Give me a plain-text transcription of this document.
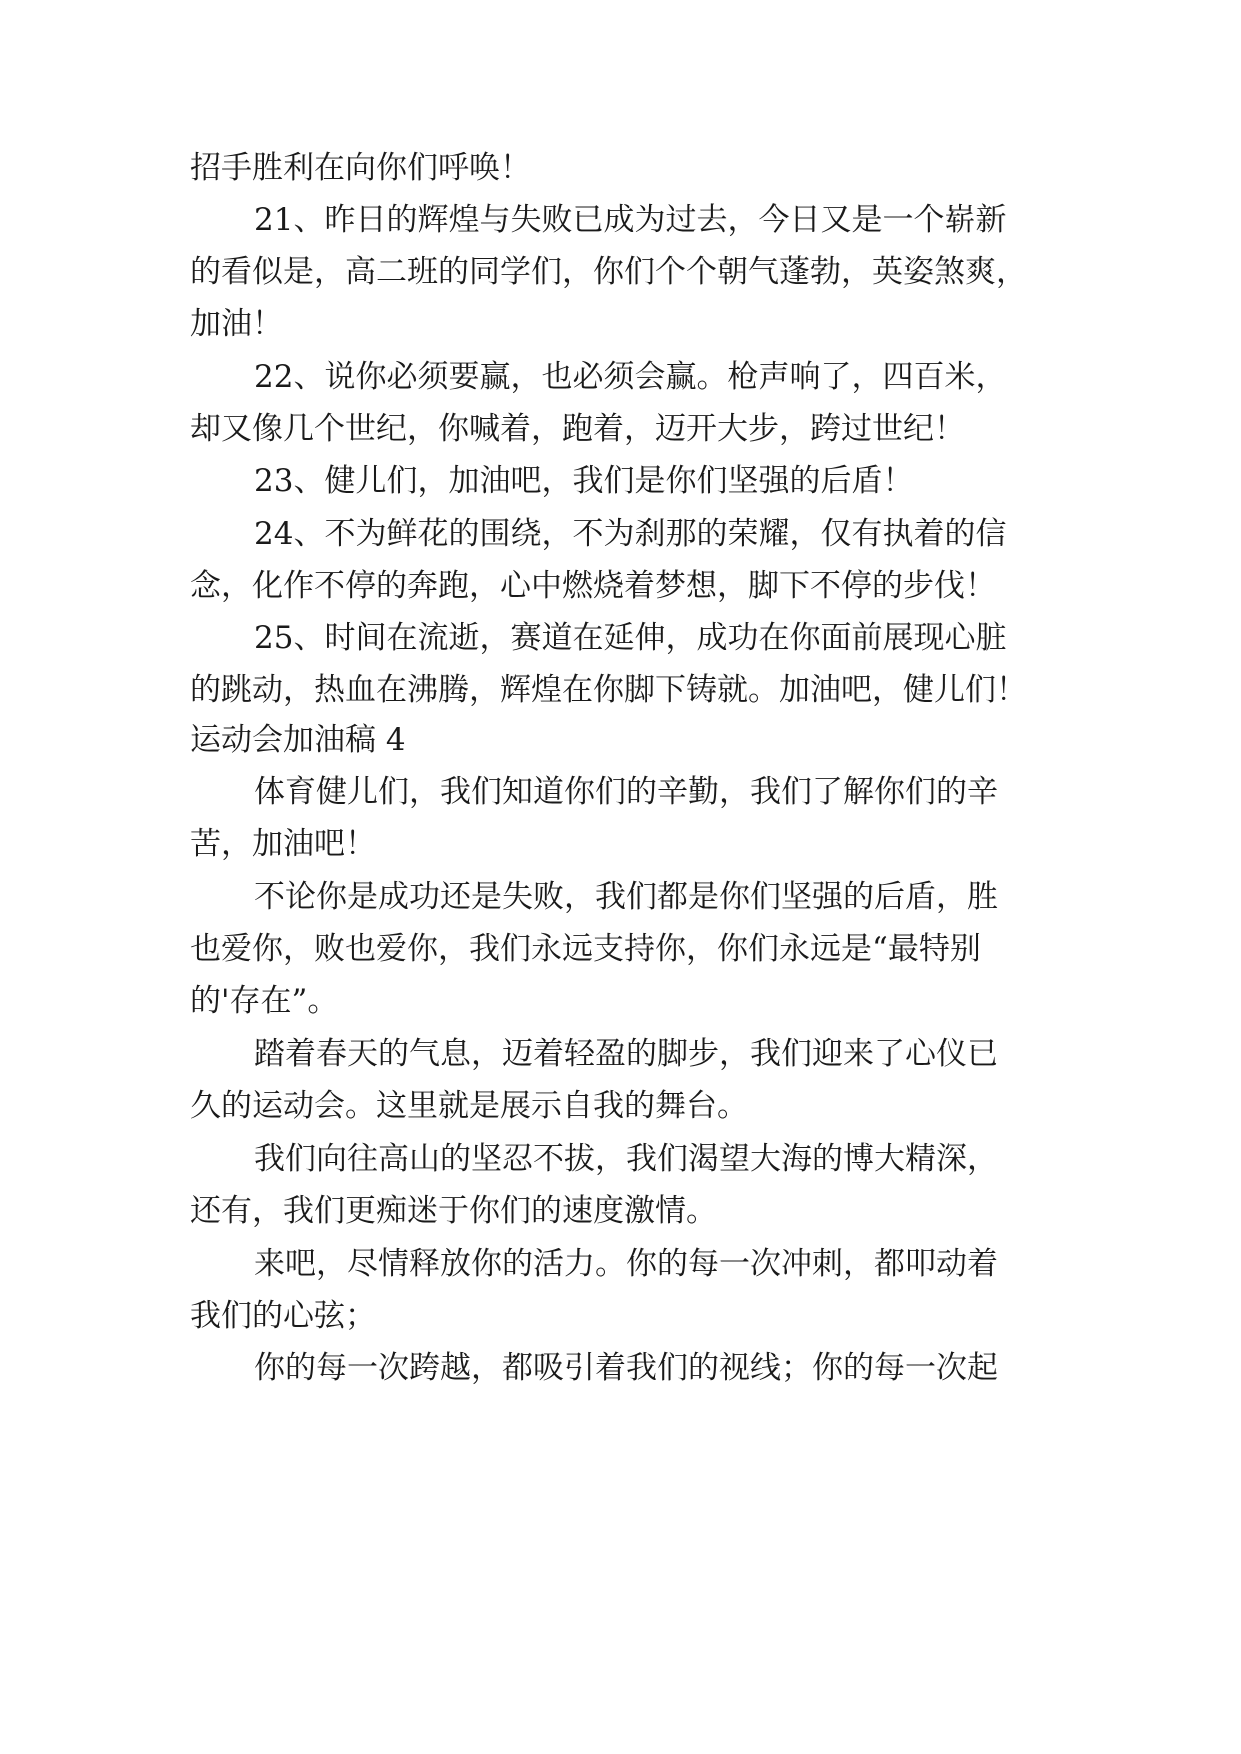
招手胜利在向你们呼唤！
21、昨日的辉煌与失败已成为过去，今日又是一个崭新
的看似是，高二班的同学们，你们个个朝气蓬勃，英姿煞爽，
加油！
22、说你必须要赢，也必须会赢。枪声响了，四百米，
却又像几个世纪，你喊着，跑着，迈开大步，跨过世纪！
23、健儿们，加油吧，我们是你们坚强的后盾！
24、不为鲜花的围绕，不为刹那的荣耀，仅有执着的信
念，化作不停的奔跑，心中燃烧着梦想，脚下不停的步伐！
25、时间在流逝，赛道在延伸，成功在你面前展现心脏
的跳动，热血在沸腾，辉煌在你脚下铸就。加油吧，健儿们！
运动会加油稿 4
体育健儿们，我们知道你们的辛勤，我们了解你们的辛
苦，加油吧！
不论你是成功还是失败，我们都是你们坚强的后盾，胜
也爱你，败也爱你，我们永远支持你，你们永远是“最特别
的'存在”。
踏着春天的气息，迈着轻盈的脚步，我们迎来了心仪已
久的运动会。这里就是展示自我的舞台。
我们向往高山的坚忍不拔，我们渴望大海的博大精深，
还有，我们更痴迷于你们的速度激情。
来吧，尽情释放你的活力。你的每一次冲刺，都叩动着
我们的心弦；
你的每一次跨越，都吸引着我们的视线；你的每一次起
